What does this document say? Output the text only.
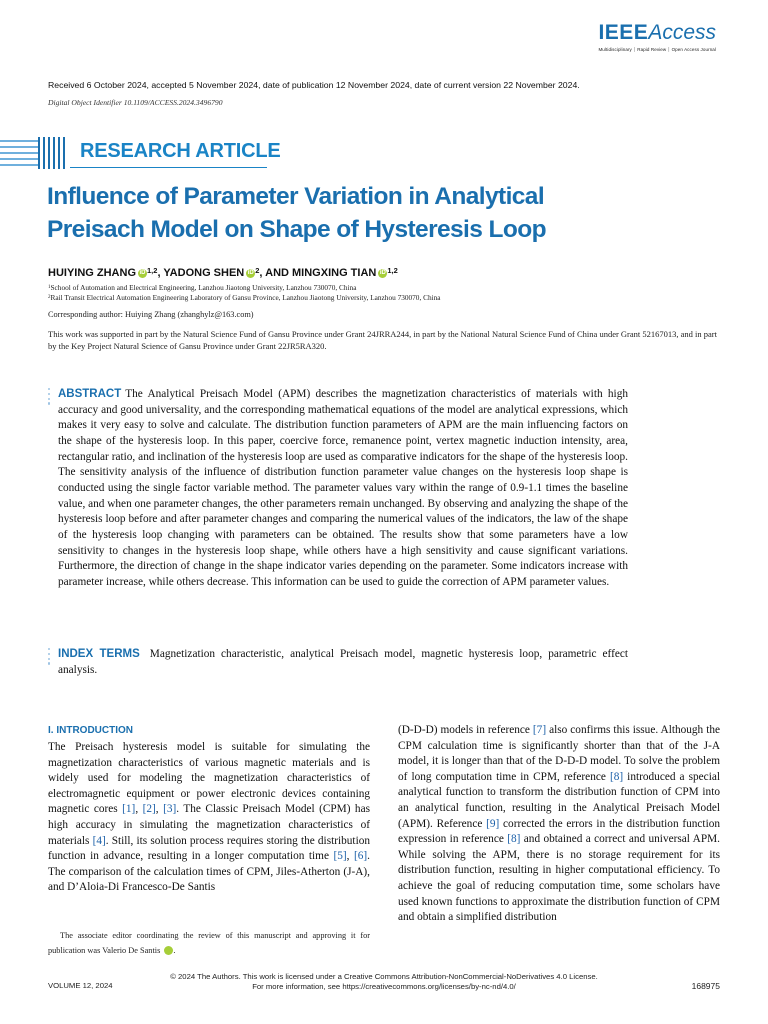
IEEEAccess
Multidisciplinary ⏐ Rapid Review ⏐ Open Access Journal
Received 6 October 2024, accepted 5 November 2024, date of publication 12 November 2024, date of current version 22 November 2024.
Digital Object Identifier 10.1109/ACCESS.2024.3496790
RESEARCH ARTICLE
Influence of Parameter Variation in Analytical
Preisach Model on Shape of Hysteresis Loop
HUIYING ZHANG iD $^{1,2}$, YADONG SHEN iD $^2$, AND MINGXING TIAN iD $^{1,2}$
$^1$School of Automation and Electrical Engineering, Lanzhou Jiaotong University, Lanzhou 730070, China
$^2$Rail Transit Electrical Automation Engineering Laboratory of Gansu Province, Lanzhou Jiaotong University, Lanzhou 730070, China
Corresponding author: Huiying Zhang (zhanghylz@163.com)
This work was supported in part by the Natural Science Fund of Gansu Province under Grant 24JRRA244, in part by the National Natural Science Fund of China under Grant 52167013, and in part by the Key Project Natural Science of Gansu Province under Grant 22JR5RA320.
ABSTRACT The Analytical Preisach Model (APM) describes the magnetization characteristics of materials with high accuracy and good universality, and the corresponding mathematical equations of the model are analytical expressions, which makes it very easy to solve and calculate. The distribution function parameters of APM are the main influencing factors on the shape of the hysteresis loop. In this paper, coercive force, remanence point, vertex magnetic induction intensity, area, rectangular ratio, and inclination of the hysteresis loop are used as comparative indicators for the shape of the hysteresis loop. The sensitivity analysis of the influence of distribution function parameter value changes on the hysteresis loop shape is conducted using the single factor variable method. The parameter values vary within the range of 0.9-1.1 times the baseline value, and when one parameter changes, the other parameters remain unchanged. By observing and analyzing the shape of the hysteresis loop before and after parameter changes and comparing the numerical values of the indicators, the law of the shape of the hysteresis loop changing with parameters can be obtained. The results show that some parameters have a low sensitivity to changes in the hysteresis loop shape, while others have a high sensitivity and cause significant variations. Furthermore, the direction of change in the shape indicator varies depending on the parameter. Some indicators increase with parameter increase, while others decrease. This information can be used to guide the correction of APM parameter values.
INDEX TERMS Magnetization characteristic, analytical Preisach model, magnetic hysteresis loop, parametric effect analysis.
I. INTRODUCTION

The Preisach hysteresis model is suitable for simulating the magnetization characteristics of various magnetic materials and is widely used for modeling the magnetization characteristics of electromagnetic equipment or power electronic devices containing magnetic cores [1], [2], [3]. The Classic Preisach Model (CPM) has high accuracy in simulating the magnetization characteristics of materials [4]. Still, its solution process requires storing the distribution function in advance, resulting in a longer computation time [5], [6]. The comparison of the calculation times of CPM, Jiles-Atherton (J-A), and D’Aloia-Di Francesco-De Santis

The associate editor coordinating the review of this manuscript and approving it for publication was Valerio De Santis	iD.

(D-D-D) models in reference [7] also confirms this issue. Although the CPM calculation time is significantly shorter than that of the J-A model, it is longer than that of the D-D-D model. To solve the problem of long computation time in CPM, reference [8] introduced a special analytical function to transform the distribution function of CPM into an analytical function, resulting in the Analytical Preisach Model (APM). Reference [9] corrected the errors in the distribution function expression in reference [8] and obtained a correct and universal APM. While solving the APM, there is no storage requirement for its distribution function, resulting in higher computational efficiency. To achieve the goal of reducing computation time, some scholars have used known functions to approximate the distribution function of CPM and obtain a simplified distribution

VOLUME 12, 2024
© 2024 The Authors. This work is licensed under a Creative Commons Attribution-NonCommercial-NoDerivatives 4.0 License.
For more information, see https://creativecommons.org/licenses/by-nc-nd/4.0/	168975
